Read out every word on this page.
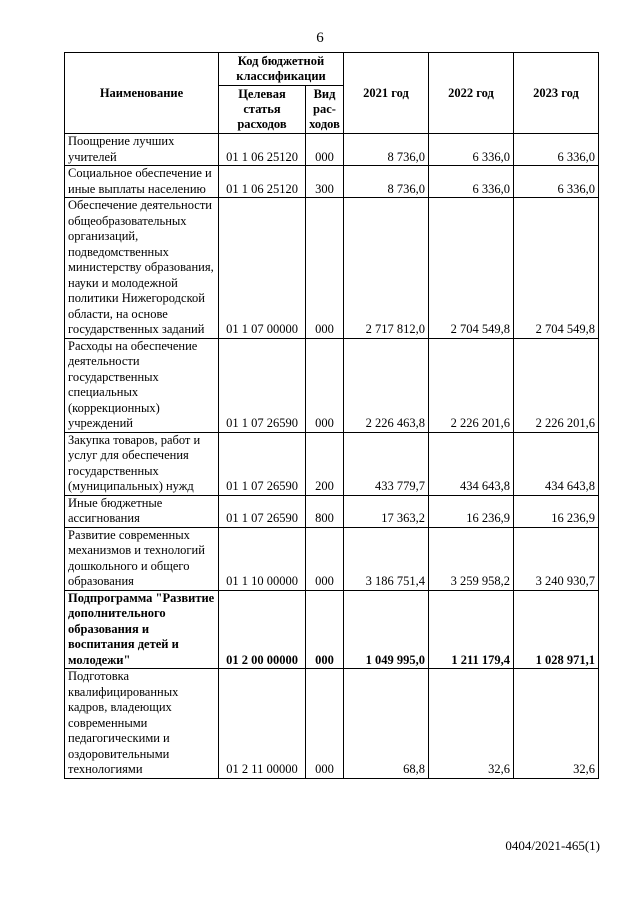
6
Наименование	Код бюджетной классификации		2021 год	2022 год	2023 год
	Целевая статья расходов	Вид рас-ходов			
Поощрение лучших учителей	01 1 06 25120	000	8 736,0	6 336,0	6 336,0
Социальное обеспечение и иные выплаты населению	01 1 06 25120	300	8 736,0	6 336,0	6 336,0
Обеспечение деятельности общеобразовательных организаций, подведомственных министерству образования, науки и молодежной политики Нижегородской области, на основе государственных заданий	01 1 07 00000	000	2 717 812,0	2 704 549,8	2 704 549,8
Расходы на обеспечение деятельности государственных специальных (коррекционных) учреждений	01 1 07 26590	000	2 226 463,8	2 226 201,6	2 226 201,6
Закупка товаров, работ и услуг для обеспечения государственных (муниципальных) нужд	01 1 07 26590	200	433 779,7	434 643,8	434 643,8
Иные бюджетные ассигнования	01 1 07 26590	800	17 363,2	16 236,9	16 236,9
Развитие современных механизмов и технологий дошкольного и общего образования	01 1 10 00000	000	3 186 751,4	3 259 958,2	3 240 930,7
Подпрограмма "Развитие дополнительного образования и воспитания детей и молодежи"	01 2 00 00000	000	1 049 995,0	1 211 179,4	1 028 971,1
Подготовка квалифицированных кадров, владеющих современными педагогическими и оздоровительными технологиями	01 2 11 00000	000	68,8	32,6	32,6
0404/2021-465(1)
